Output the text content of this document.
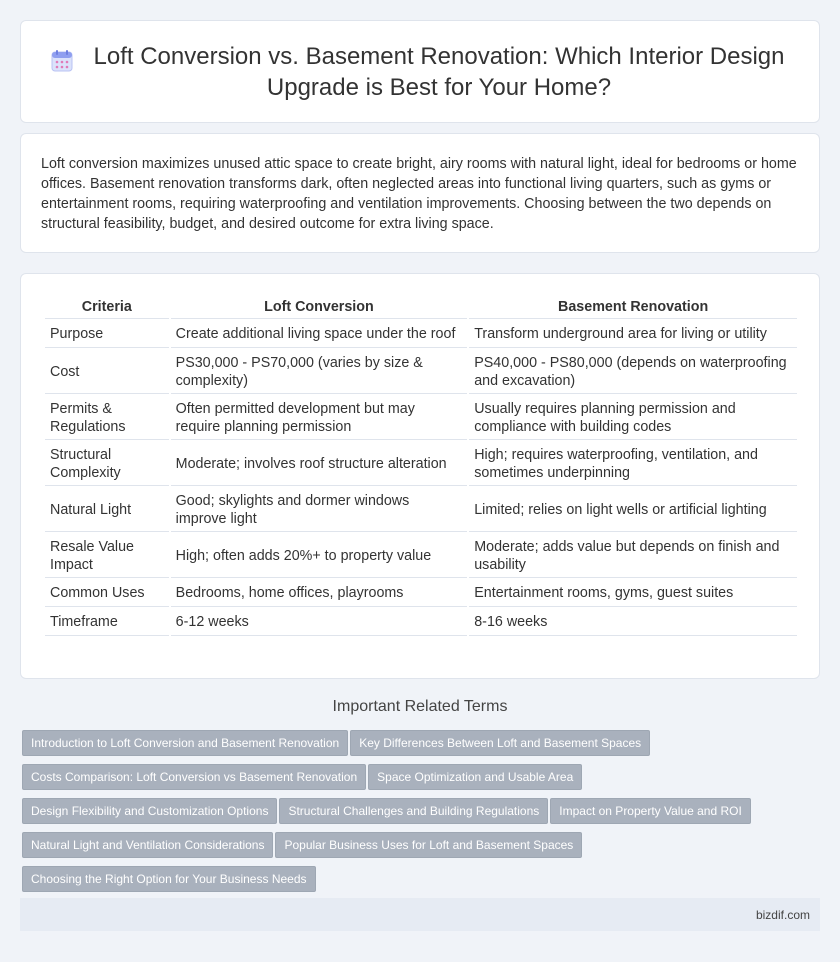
Loft Conversion vs. Basement Renovation: Which Interior Design Upgrade is Best for Your Home?

Loft conversion maximizes unused attic space to create bright, airy rooms with natural light, ideal for bedrooms or home offices. Basement renovation transforms dark, often neglected areas into functional living quarters, such as gyms or entertainment rooms, requiring waterproofing and ventilation improvements. Choosing between the two depends on structural feasibility, budget, and desired outcome for extra living space.

Criteria	Loft Conversion	Basement Renovation
Purpose	Create additional living space under the roof	Transform underground area for living or utility
Cost	PS30,000 - PS70,000 (varies by size & complexity)	PS40,000 - PS80,000 (depends on waterproofing and excavation)
Permits & Regulations	Often permitted development but may require planning permission	Usually requires planning permission and compliance with building codes
Structural Complexity	Moderate; involves roof structure alteration	High; requires waterproofing, ventilation, and sometimes underpinning
Natural Light	Good; skylights and dormer windows improve light	Limited; relies on light wells or artificial lighting
Resale Value Impact	High; often adds 20%+ to property value	Moderate; adds value but depends on finish and usability
Common Uses	Bedrooms, home offices, playrooms	Entertainment rooms, gyms, guest suites
Timeframe	6-12 weeks	8-16 weeks
Important Related Terms
Introduction to Loft Conversion and Basement Renovation Key Differences Between Loft and Basement Spaces
Costs Comparison: Loft Conversion vs Basement Renovation Space Optimization and Usable Area
Design Flexibility and Customization Options Structural Challenges and Building Regulations Impact on Property Value and ROI
Natural Light and Ventilation Considerations Popular Business Uses for Loft and Basement Spaces
Choosing the Right Option for Your Business Needs
bizdif.com
